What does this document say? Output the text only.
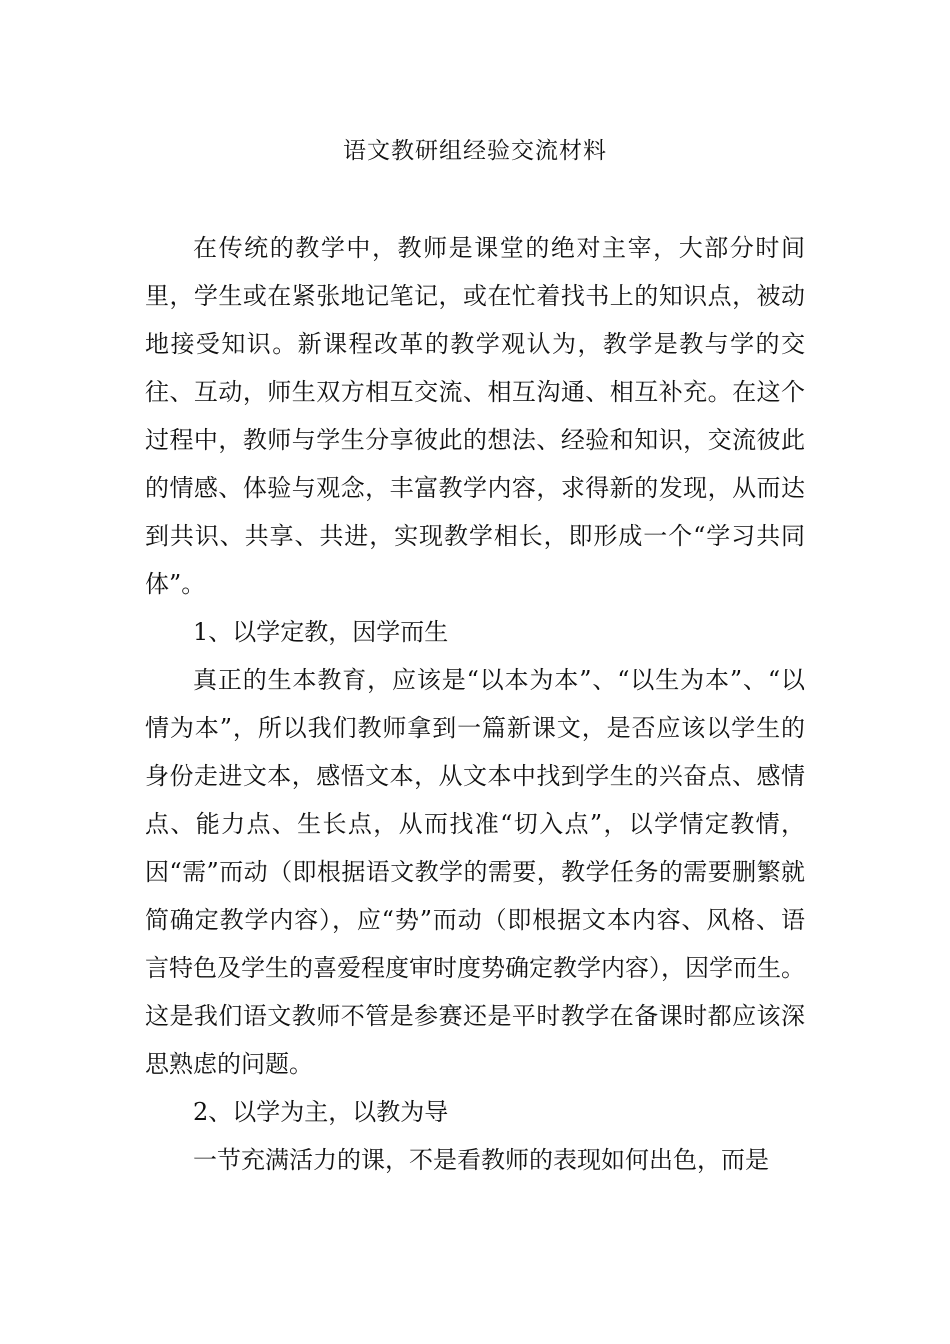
语文教研组经验交流材料

在传统的教学中，教师是课堂的绝对主宰，大部分时间里，学生或在紧张地记笔记，或在忙着找书上的知识点，被动地接受知识。新课程改革的教学观认为，教学是教与学的交往、互动，师生双方相互交流、相互沟通、相互补充。在这个过程中，教师与学生分享彼此的想法、经验和知识，交流彼此的情感、体验与观念，丰富教学内容，求得新的发现，从而达到共识、共享、共进，实现教学相长，即形成一个“学习共同体”。

1、以学定教，因学而生

真正的生本教育，应该是“以本为本”、“以生为本”、“以情为本”，所以我们教师拿到一篇新课文，是否应该以学生的身份走进文本，感悟文本，从文本中找到学生的兴奋点、感情点、能力点、生长点，从而找准“切入点”，以学情定教情，因“需”而动（即根据语文教学的需要，教学任务的需要删繁就简确定教学内容），应“势”而动（即根据文本内容、风格、语言特色及学生的喜爱程度审时度势确定教学内容），因学而生。这是我们语文教师不管是参赛还是平时教学在备课时都应该深思熟虑的问题。

2、以学为主，以教为导

一节充满活力的课，不是看教师的表现如何出色，而是
